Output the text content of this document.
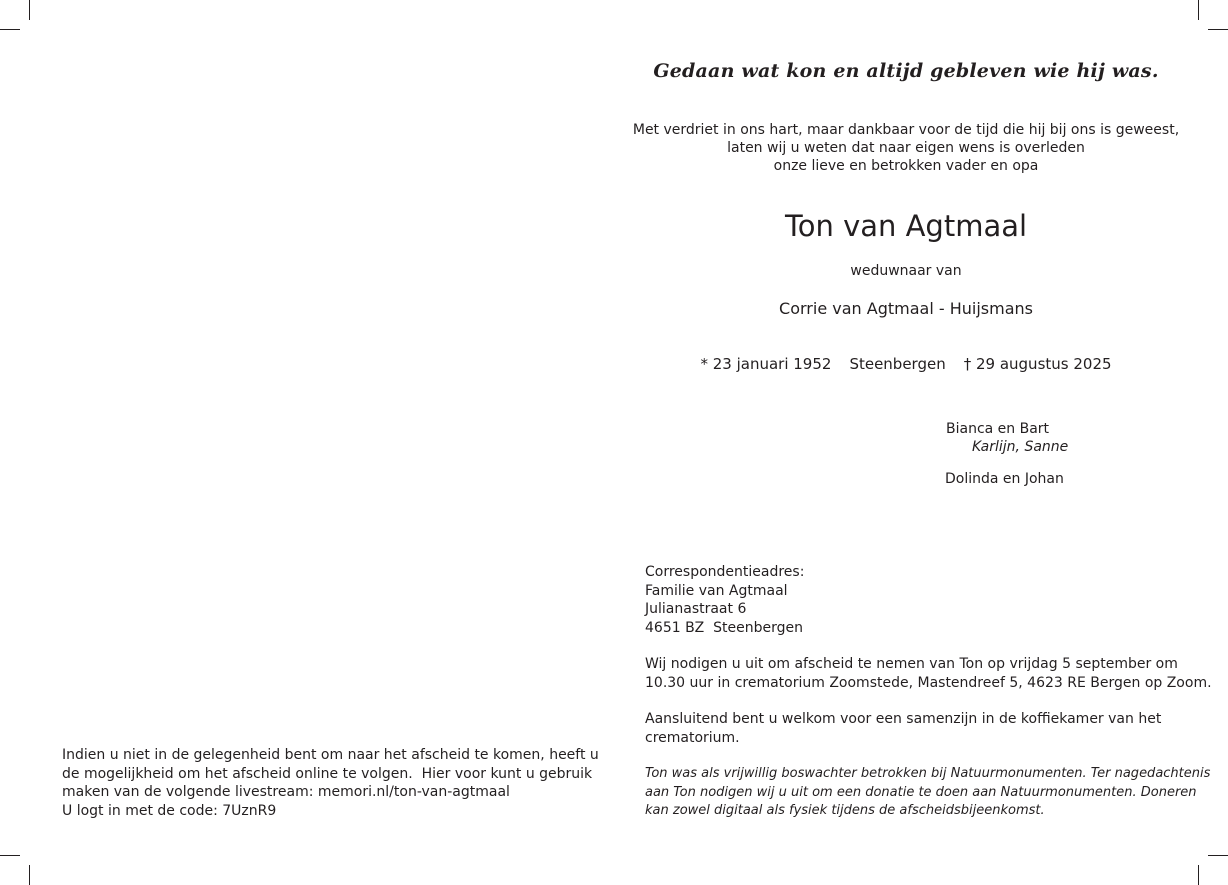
Gedaan wat kon en altijd gebleven wie hij was.
Met verdriet in ons hart, maar dankbaar voor de tijd die hij bij ons is geweest,
laten wij u weten dat naar eigen wens is overleden
onze lieve en betrokken vader en opa
Ton van Agtmaal
weduwnaar van
Corrie van Agtmaal - Huijsmans
* 23 januari 1952 Steenbergen † 29 augustus 2025
Bianca en Bart
Karlijn, Sanne
Dolinda en Johan
Correspondentieadres:
Familie van Agtmaal
Julianastraat 6
4651 BZ  Steenbergen
Wij nodigen u uit om afscheid te nemen van Ton op vrijdag 5 september om
10.30 uur in crematorium Zoomstede, Mastendreef 5, 4623 RE Bergen op Zoom.
Aansluitend bent u welkom voor een samenzijn in de koffiekamer van het
crematorium.
Ton was als vrijwillig boswachter betrokken bij Natuurmonumenten. Ter nagedachtenis
aan Ton nodigen wij u uit om een donatie te doen aan Natuurmonumenten. Doneren
kan zowel digitaal als fysiek tijdens de afscheidsbijeenkomst.
Indien u niet in de gelegenheid bent om naar het afscheid te komen, heeft u
de mogelijkheid om het afscheid online te volgen.  Hier voor kunt u gebruik
maken van de volgende livestream: memori.nl/ton-van-agtmaal
U logt in met de code: 7UznR9
